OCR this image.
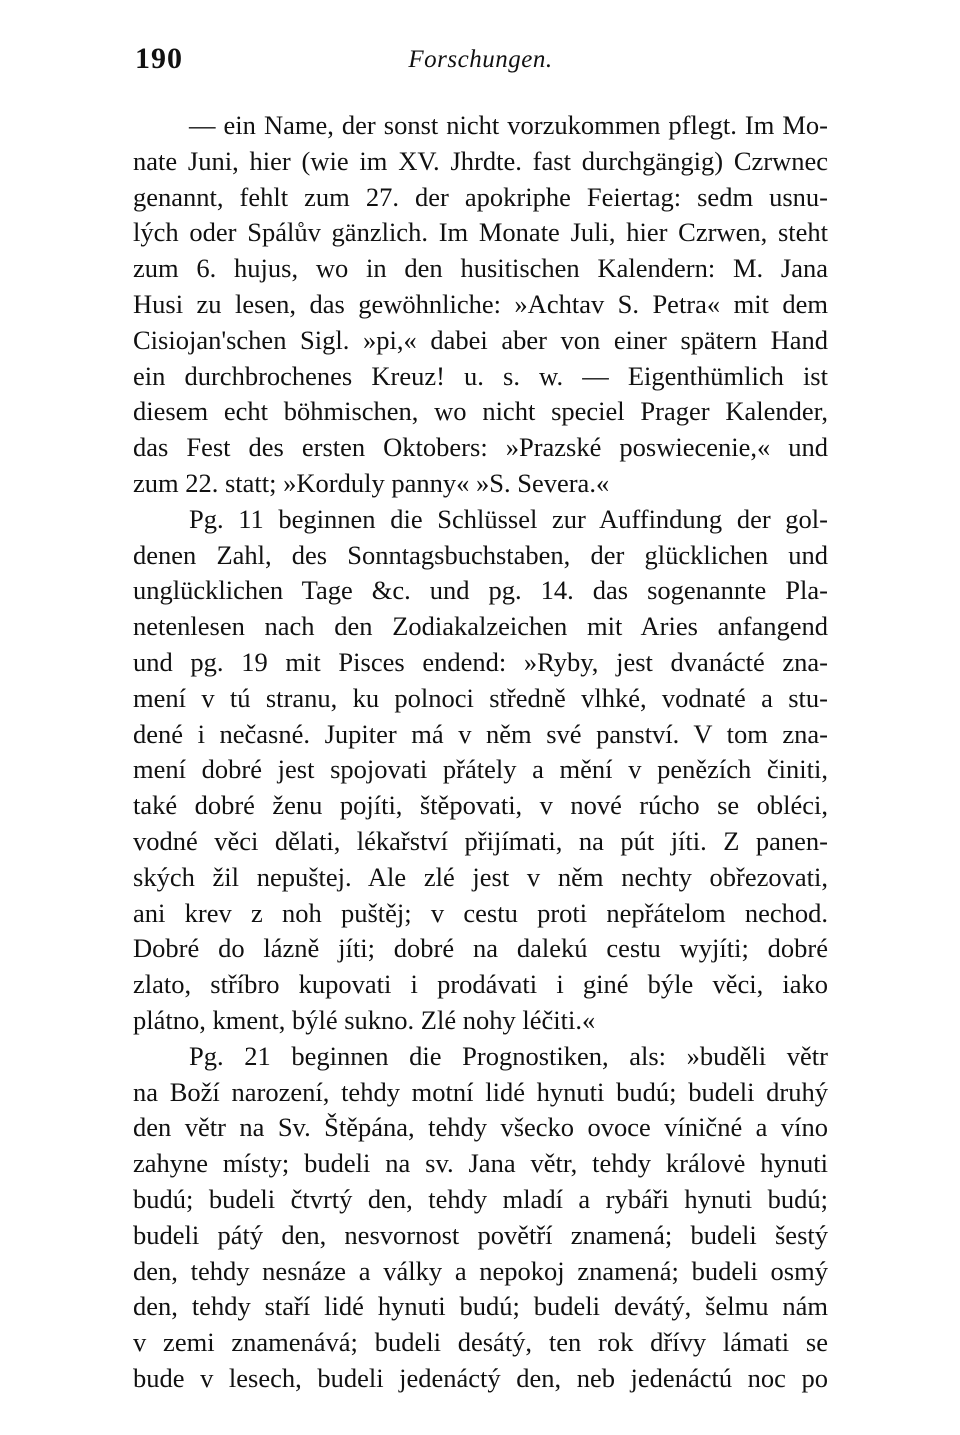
190	Forschungen.
— ein Name, der sonst nicht vorzukommen pflegt. Im Mo-
nate Juni, hier (wie im XV. Jhrdte. fast durchgängig) Czrwnec
genannt, fehlt zum 27. der apokriphe Feiertag: sedm usnu-
lých oder Spálův gänzlich. Im Monate Juli, hier Czrwen, steht
zum 6. hujus, wo in den husitischen Kalendern: M. Jana
Husi zu lesen, das gewöhnliche: »Achtav S. Petra« mit dem
Cisiojan'schen Sigl. »pi,« dabei aber von einer spätern Hand
ein durchbrochenes Kreuz! u. s. w. — Eigenthümlich ist
diesem echt böhmischen, wo nicht speciel Prager Kalender,
das Fest des ersten Oktobers: »Prazské poswiecenie,« und
zum 22. statt; »Korduly panny« »S. Severa.«
Pg. 11 beginnen die Schlüssel zur Auffindung der gol-
denen Zahl, des Sonntagsbuchstaben, der glücklichen und
unglücklichen Tage &c. und pg. 14. das sogenannte Pla-
netenlesen nach den Zodiakalzeichen mit Aries anfangend
und pg. 19 mit Pisces endend: »Ryby, jest dvanácté zna-
mení v tú stranu, ku polnoci středně vlhké, vodnaté a stu-
dené i nečasné. Jupiter má v něm své panství. V tom zna-
mení dobré jest spojovati přátely a mění v penězích činiti,
také dobré ženu pojíti, štěpovati, v nové rúcho se obléci,
vodné věci dělati, lékařství přijímati, na pút jíti. Z panen-
ských žil nepuštej. Ale zlé jest v něm nechty obřezovati,
ani krev z noh puštěj; v cestu proti nepřátelom nechod.
Dobré do lázně jíti; dobré na dalekú cestu wyjíti; dobré
zlato, stříbro kupovati i prodávati i giné býle věci, iako
plátno, kment, býlé sukno. Zlé nohy léčiti.«
Pg. 21 beginnen die Prognostiken, als: »buděli větr
na Boží narození, tehdy motní lidé hynuti budú; budeli druhý
den větr na Sv. Štěpána, tehdy všecko ovoce víničné a víno
zahyne místy; budeli na sv. Jana větr, tehdy královė hynuti
budú; budeli čtvrtý den, tehdy mladí a rybáři hynuti budú;
budeli pátý den, nesvornost povětří znamená; budeli šestý
den, tehdy nesnáze a války a nepokoj znamená; budeli osmý
den, tehdy staří lidé hynuti budú; budeli devátý, šelmu nám
v zemi znamenává; budeli desátý, ten rok dřívy lámati se
bude v lesech, budeli jedenáctý den, neb jedenáctú noc po
